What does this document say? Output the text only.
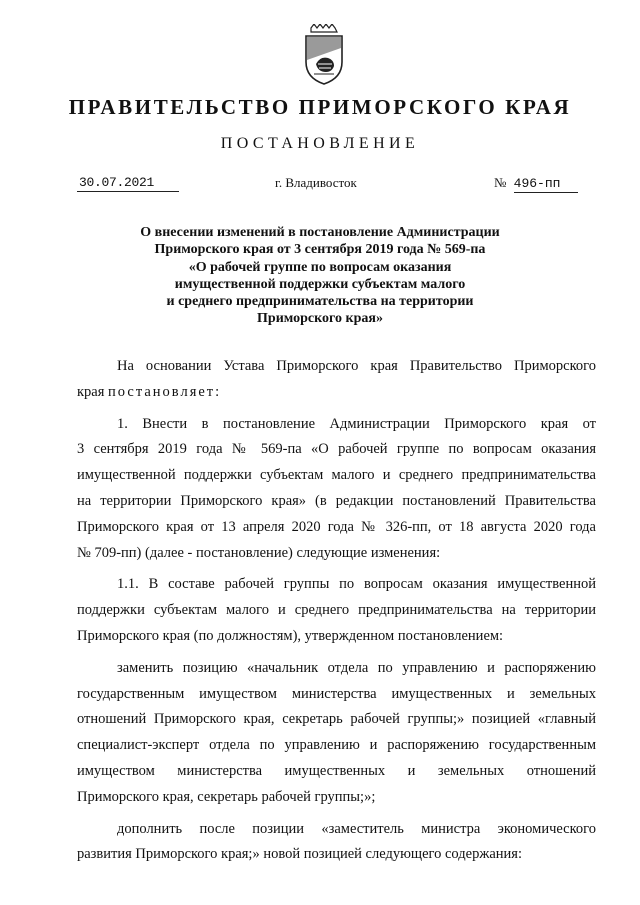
ПРАВИТЕЛЬСТВО ПРИМОРСКОГО КРАЯ
ПОСТАНОВЛЕНИЕ
30.07.2021	г. Владивосток	№ 496-пп
О внесении изменений в постановление Администрации
Приморского края от 3 сентября 2019 года № 569-па
«О рабочей группе по вопросам оказания
имущественной поддержки субъектам малого
и среднего предпринимательства на территории
Приморского края»
На основании Устава Приморского края Правительство Приморского
края постановляет:
1. Внести в постановление Администрации Приморского края от
3 сентября 2019 года № 569-па «О рабочей группе по вопросам оказания
имущественной поддержки субъектам малого и среднего предпринимательства
на территории Приморского края» (в редакции постановлений Правительства
Приморского края от 13 апреля 2020 года № 326-пп, от 18 августа 2020 года
№ 709-пп) (далее - постановление) следующие изменения:
1.1. В составе рабочей группы по вопросам оказания имущественной
поддержки субъектам малого и среднего предпринимательства на территории
Приморского края (по должностям), утвержденном постановлением:
заменить позицию «начальник отдела по управлению и распоряжению
государственным имуществом министерства имущественных и земельных
отношений Приморского края, секретарь рабочей группы;» позицией «главный
специалист-эксперт отдела по управлению и распоряжению государственным
имуществом министерства имущественных и земельных отношений
Приморского края, секретарь рабочей группы;»;
дополнить после позиции «заместитель министра экономического
развития Приморского края;» новой позицией следующего содержания:
